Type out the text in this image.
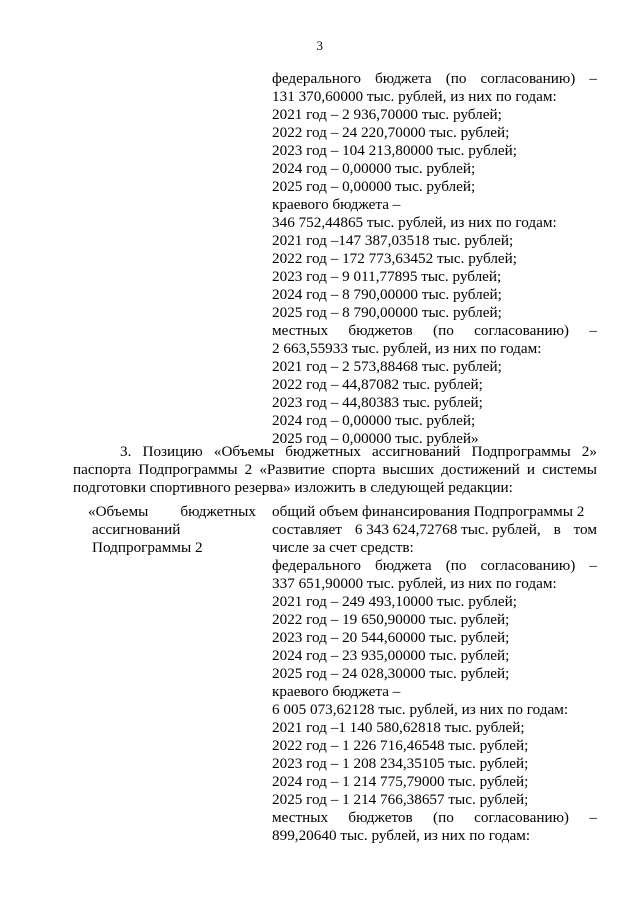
3
федерального бюджета (по согласованию) –
131 370,60000 тыс. рублей, из них по годам:
2021 год – 2 936,70000 тыс. рублей;
2022 год – 24 220,70000 тыс. рублей;
2023 год – 104 213,80000 тыс. рублей;
2024 год – 0,00000 тыс. рублей;
2025 год – 0,00000 тыс. рублей;
краевого бюджета –
346 752,44865 тыс. рублей, из них по годам:
2021 год –147 387,03518 тыс. рублей;
2022 год – 172 773,63452 тыс. рублей;
2023 год – 9 011,77895 тыс. рублей;
2024 год – 8 790,00000 тыс. рублей;
2025 год – 8 790,00000 тыс. рублей;
местных бюджетов (по согласованию) –
2 663,55933 тыс. рублей, из них по годам:
2021 год – 2 573,88468 тыс. рублей;
2022 год – 44,87082 тыс. рублей;
2023 год – 44,80383 тыс. рублей;
2024 год – 0,00000 тыс. рублей;
2025 год – 0,00000 тыс. рублей»
3. Позицию «Объемы бюджетных ассигнований Подпрограммы 2»
паспорта Подпрограммы 2 «Развитие спорта высших достижений и системы
подготовки спортивного резерва» изложить в следующей редакции:
«Объемы бюджетных
ассигнований
Подпрограммы 2
общий объем финансирования Подпрограммы 2
составляет 6 343 624,72768 тыс. рублей, в том
числе за счет средств:
федерального бюджета (по согласованию) –
337 651,90000 тыс. рублей, из них по годам:
2021 год – 249 493,10000 тыс. рублей;
2022 год – 19 650,90000 тыс. рублей;
2023 год – 20 544,60000 тыс. рублей;
2024 год – 23 935,00000 тыс. рублей;
2025 год – 24 028,30000 тыс. рублей;
краевого бюджета –
6 005 073,62128 тыс. рублей, из них по годам:
2021 год –1 140 580,62818 тыс. рублей;
2022 год – 1 226 716,46548 тыс. рублей;
2023 год – 1 208 234,35105 тыс. рублей;
2024 год – 1 214 775,79000 тыс. рублей;
2025 год – 1 214 766,38657 тыс. рублей;
местных бюджетов (по согласованию) –
899,20640 тыс. рублей, из них по годам:
